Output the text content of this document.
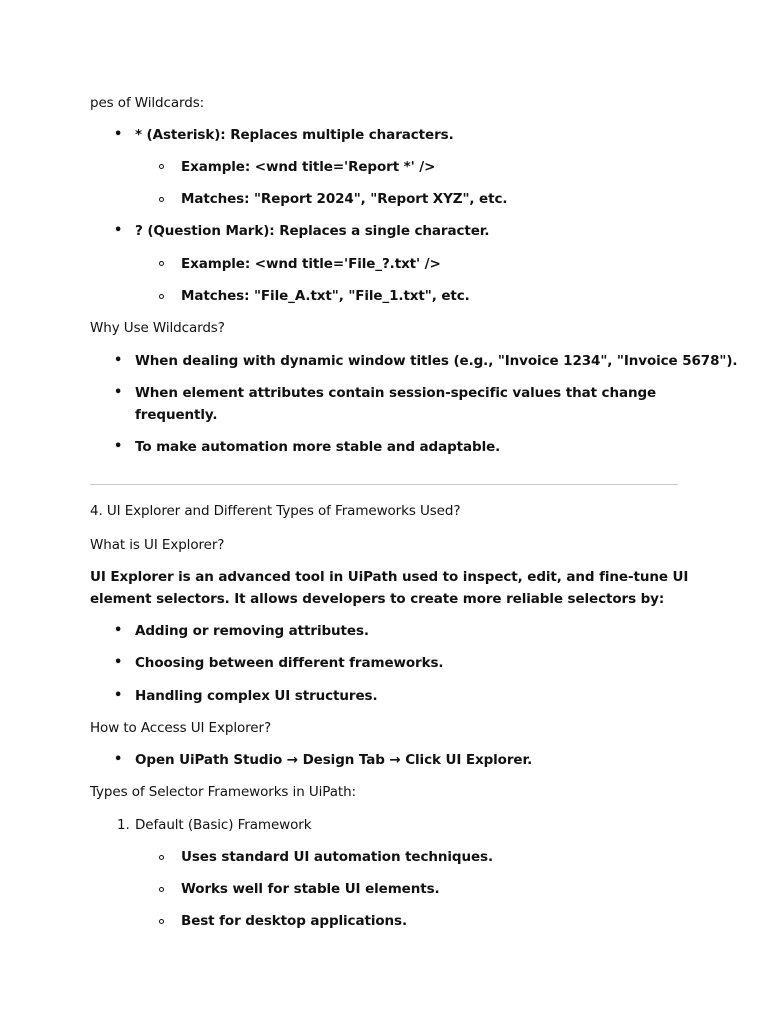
pes of Wildcards:
• * (Asterisk): Replaces multiple characters.
Example: <wnd title='Report *' />
Matches: "Report 2024", "Report XYZ", etc.
• ? (Question Mark): Replaces a single character.
Example: <wnd title='File_?.txt' />
Matches: "File_A.txt", "File_1.txt", etc.
Why Use Wildcards?
• When dealing with dynamic window titles (e.g., "Invoice 1234", "Invoice 5678").
• When element attributes contain session-specific values that change
frequently.
• To make automation more stable and adaptable.
4. UI Explorer and Different Types of Frameworks Used?
What is UI Explorer?
UI Explorer is an advanced tool in UiPath used to inspect, edit, and fine-tune UI
element selectors. It allows developers to create more reliable selectors by:
• Adding or removing attributes.
• Choosing between different frameworks.
• Handling complex UI structures.
How to Access UI Explorer?
• Open UiPath Studio → Design Tab → Click UI Explorer.
Types of Selector Frameworks in UiPath:
1. Default (Basic) Framework
Uses standard UI automation techniques.
Works well for stable UI elements.
Best for desktop applications.
